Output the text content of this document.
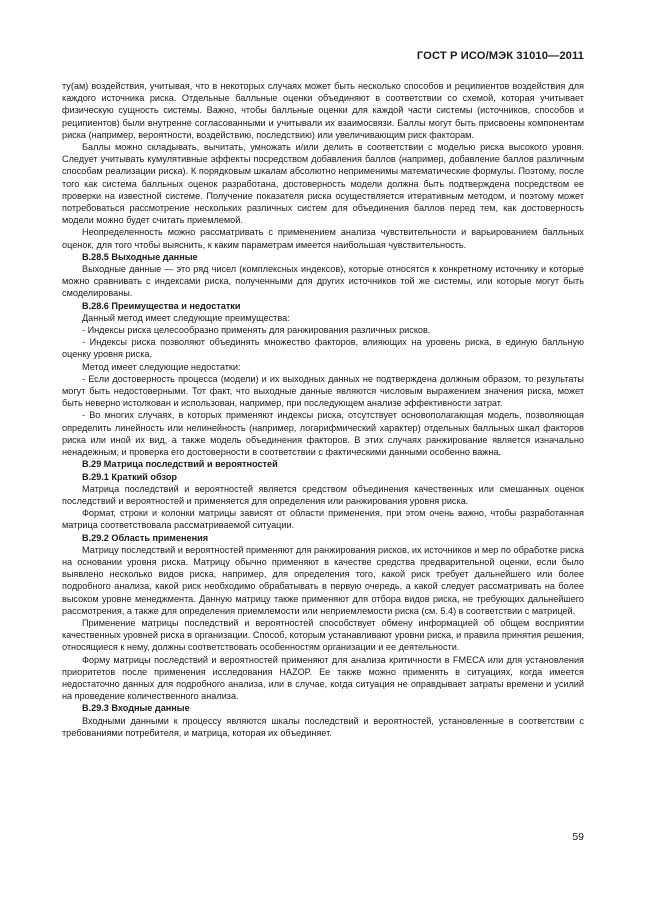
ГОСТ Р ИСО/МЭК 31010—2011

ту(ам) воздействия, учитывая, что в некоторых случаях может быть несколько способов и реципиентов воздействия для каждого источника риска. Отдельные балльные оценки объединяют в соответствии со схемой, которая учитывает физическую сущность системы. Важно, чтобы балльные оценки для каждой части системы (источников, способов и реципиентов) были внутренне согласованными и учитывали их взаимосвязи. Баллы могут быть присвоены компонентам риска (например, вероятности, воздействию, последствию) или увеличивающим риск факторам.

Баллы можно складывать, вычитать, умножать и/или делить в соответствии с моделью риска высокого уровня. Следует учитывать кумулятивные эффекты посредством добавления баллов (например, добавление баллов различным способам реализации риска). К порядковым шкалам абсолютно неприменимы математические формулы. Поэтому, после того как система балльных оценок разработана, достоверность модели должна быть подтверждена посредством ее проверки на известной системе. Получение показателя риска осуществляется итеративным методом, и поэтому может потребоваться рассмотрение нескольких различных систем для объединения баллов перед тем, как достоверность модели можно будет считать приемлемой.

Неопределенность можно рассматривать с применением анализа чувствительности и варьированием балльных оценок, для того чтобы выяснить, к каким параметрам имеется наибольшая чувствительность.

В.28.5 Выходные данные

Выходные данные — это ряд чисел (комплексных индексов), которые относятся к конкретному источнику и которые можно сравнивать с индексами риска, полученными для других источников той же системы, или которые могут быть смоделированы.

В.28.6 Преимущества и недостатки

Данный метод имеет следующие преимущества:

- Индексы риска целесообразно применять для ранжирования различных рисков.

- Индексы риска позволяют объединять множество факторов, влияющих на уровень риска, в единую балльную оценку уровня риска.

Метод имеет следующие недостатки:

- Если достоверность процесса (модели) и их выходных данных не подтверждена должным образом, то результаты могут быть недостоверными. Тот факт, что выходные данные являются числовым выражением значения риска, может быть неверно истолкован и использован, например, при последующем анализе эффективности затрат.

- Во многих случаях, в которых применяют индексы риска, отсутствует основополагающая модель, позволяющая определить линейность или нелинейность (например, логарифмический характер) отдельных балльных шкал факторов риска или иной их вид, а также модель объединения факторов. В этих случаях ранжирование является изначально ненадежным, и проверка его достоверности в соответствии с фактическими данными особенно важна.

В.29 Матрица последствий и вероятностей

В.29.1 Краткий обзор

Матрица последствий и вероятностей является средством объединения качественных или смешанных оценок последствий и вероятностей и применяется для определения или ранжирования уровня риска.

Формат, строки и колонки матрицы зависят от области применения, при этом очень важно, чтобы разработанная матрица соответствовала рассматриваемой ситуации.

В.29.2 Область применения

Матрицу последствий и вероятностей применяют для ранжирования рисков, их источников и мер по обработке риска на основании уровня риска. Матрицу обычно применяют в качестве средства предварительной оценки, если было выявлено несколько видов риска, например, для определения того, какой риск требует дальнейшего или более подробного анализа, какой риск необходимо обрабатывать в первую очередь, а какой следует рассматривать на более высоком уровне менеджмента. Данную матрицу также применяют для отбора видов риска, не требующих дальнейшего рассмотрения, а также для определения приемлемости или неприемлемости риска (см. 5.4) в соответствии с матрицей.

Применение матрицы последствий и вероятностей способствует обмену информацией об общем восприятии качественных уровней риска в организации. Способ, которым устанавливают уровни риска, и правила принятия решения, относящиеся к нему, должны соответствовать особенностям организации и ее деятельности.

Форму матрицы последствий и вероятностей применяют для анализа критичности в FMECA или для установления приоритетов после применения исследования HAZOP. Ее также можно применять в ситуациях, когда имеется недостаточно данных для подробного анализа, или в случае, когда ситуация не оправдывает затраты времени и усилий на проведение количественного анализа.

В.29.3 Входные данные

Входными данными к процессу являются шкалы последствий и вероятностей, установленные в соответствии с требованиями потребителя, и матрица, которая их объединяет.

59
